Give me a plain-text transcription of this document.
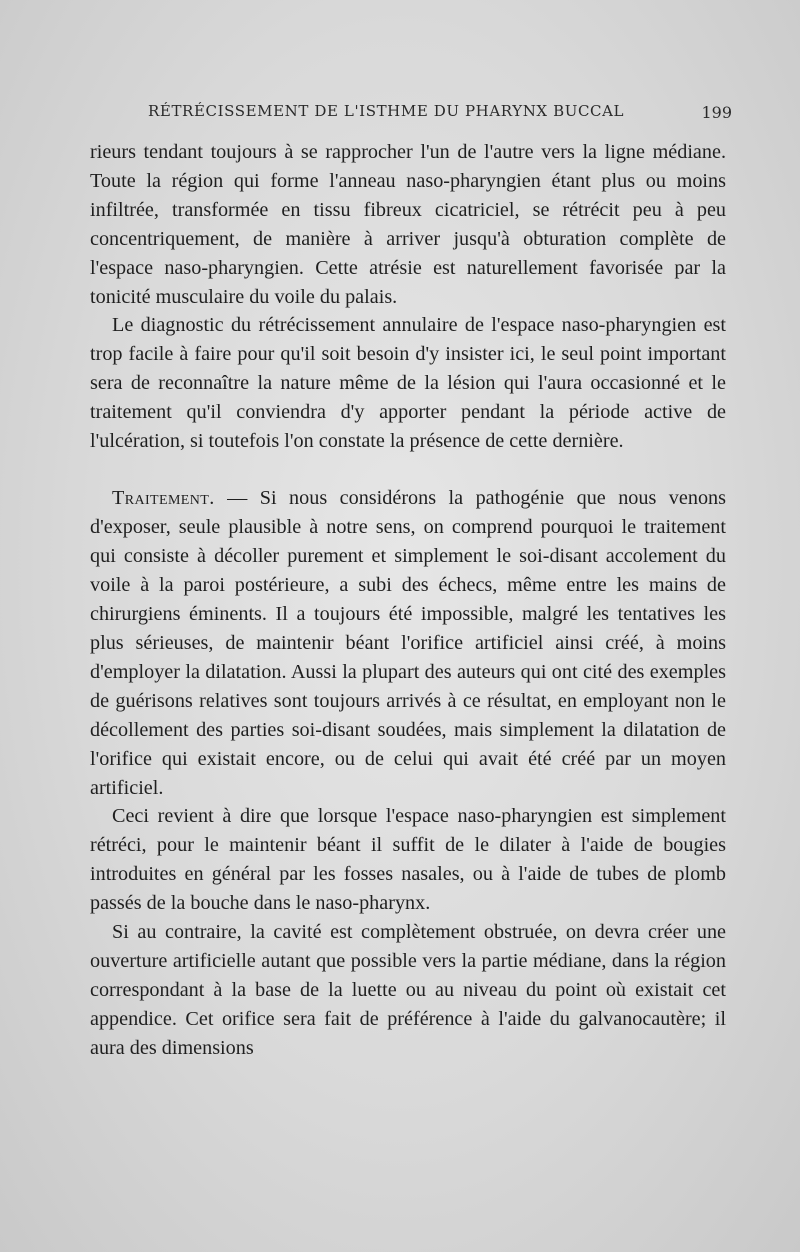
RÉTRÉCISSEMENT DE L'ISTHME DU PHARYNX BUCCAL	199

rieurs tendant toujours à se rapprocher l'un de l'autre vers la ligne médiane. Toute la région qui forme l'anneau naso-pharyngien étant plus ou moins infiltrée, transformée en tissu fibreux cicatriciel, se rétrécit peu à peu concentriquement, de manière à arriver jusqu'à obturation complète de l'espace naso-pharyngien. Cette atrésie est naturellement favorisée par la tonicité musculaire du voile du palais.

Le diagnostic du rétrécissement annulaire de l'espace naso-pharyngien est trop facile à faire pour qu'il soit besoin d'y insister ici, le seul point important sera de reconnaître la nature même de la lésion qui l'aura occasionné et le traitement qu'il conviendra d'y apporter pendant la période active de l'ulcération, si toutefois l'on constate la présence de cette dernière.

Traitement. — Si nous considérons la pathogénie que nous venons d'exposer, seule plausible à notre sens, on comprend pourquoi le traitement qui consiste à décoller purement et simplement le soi-disant accolement du voile à la paroi postérieure, a subi des échecs, même entre les mains de chirurgiens éminents. Il a toujours été impossible, malgré les tentatives les plus sérieuses, de maintenir béant l'orifice artificiel ainsi créé, à moins d'employer la dilatation. Aussi la plupart des auteurs qui ont cité des exemples de guérisons relatives sont toujours arrivés à ce résultat, en employant non le décollement des parties soi-disant soudées, mais simplement la dilatation de l'orifice qui existait encore, ou de celui qui avait été créé par un moyen artificiel.

Ceci revient à dire que lorsque l'espace naso-pharyngien est simplement rétréci, pour le maintenir béant il suffit de le dilater à l'aide de bougies introduites en général par les fosses nasales, ou à l'aide de tubes de plomb passés de la bouche dans le naso-pharynx.

Si au contraire, la cavité est complètement obstruée, on devra créer une ouverture artificielle autant que possible vers la partie médiane, dans la région correspondant à la base de la luette ou au niveau du point où existait cet appendice. Cet orifice sera fait de préférence à l'aide du galvanocautère; il aura des dimensions
